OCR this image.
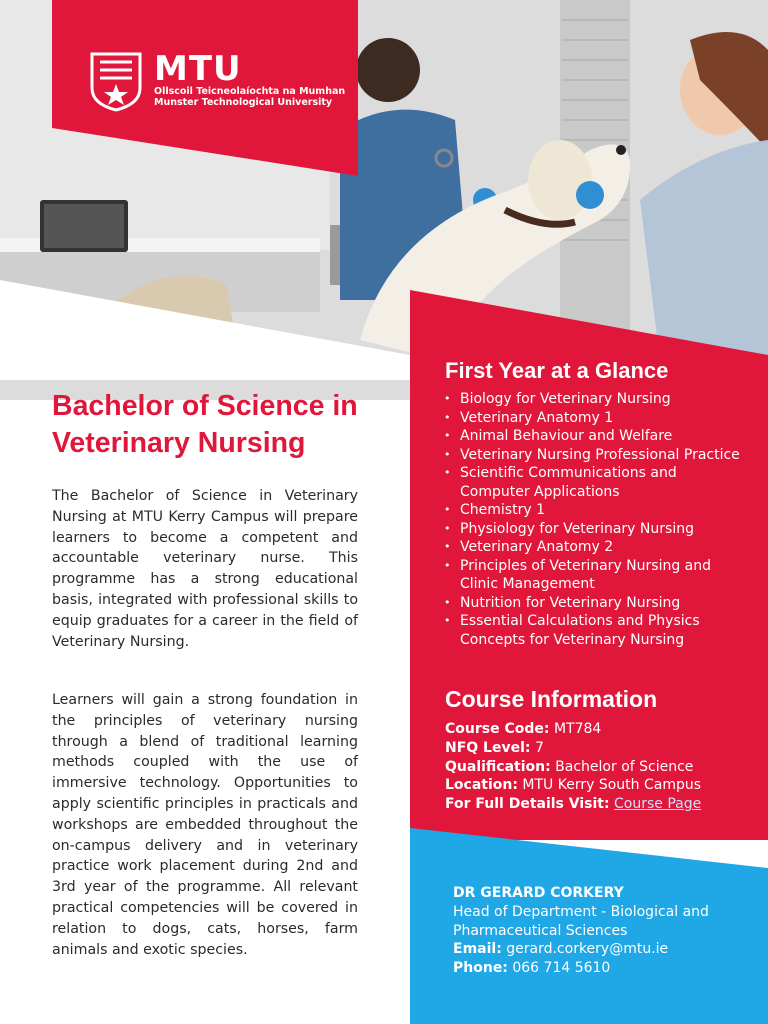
MTU
Ollscoil Teicneolaíochta na Mumhan
Munster Technological University
Bachelor of Science in Veterinary Nursing

The Bachelor of Science in Veterinary Nursing at MTU Kerry Campus will prepare learners to become a competent and accountable veterinary nurse. This programme has a strong educational basis, integrated with professional skills to equip graduates for a career in the field of Veterinary Nursing.

Learners will gain a strong foundation in the principles of veterinary nursing through a blend of traditional learning methods coupled with the use of immersive technology. Opportunities to apply scientific principles in practicals and workshops are embedded throughout the on-campus delivery and in veterinary practice work placement during 2nd and 3rd year of the programme. All relevant practical competencies will be covered in relation to dogs, cats, horses, farm animals and exotic species.

First Year at a Glance
• Biology for Veterinary Nursing
• Veterinary Anatomy 1
• Animal Behaviour and Welfare
• Veterinary Nursing Professional Practice
• Scientific Communications and Computer Applications
• Chemistry 1
• Physiology for Veterinary Nursing
• Veterinary Anatomy 2
• Principles of Veterinary Nursing and Clinic Management
• Nutrition for Veterinary Nursing
• Essential Calculations and Physics Concepts for Veterinary Nursing
Course Information
Course Code: MT784
NFQ Level: 7
Qualification: Bachelor of Science
Location: MTU Kerry South Campus
For Full Details Visit: Course Page
DR GERARD CORKERY
Head of Department - Biological and Pharmaceutical Sciences
Email: gerard.corkery@mtu.ie
Phone: 066 714 5610
